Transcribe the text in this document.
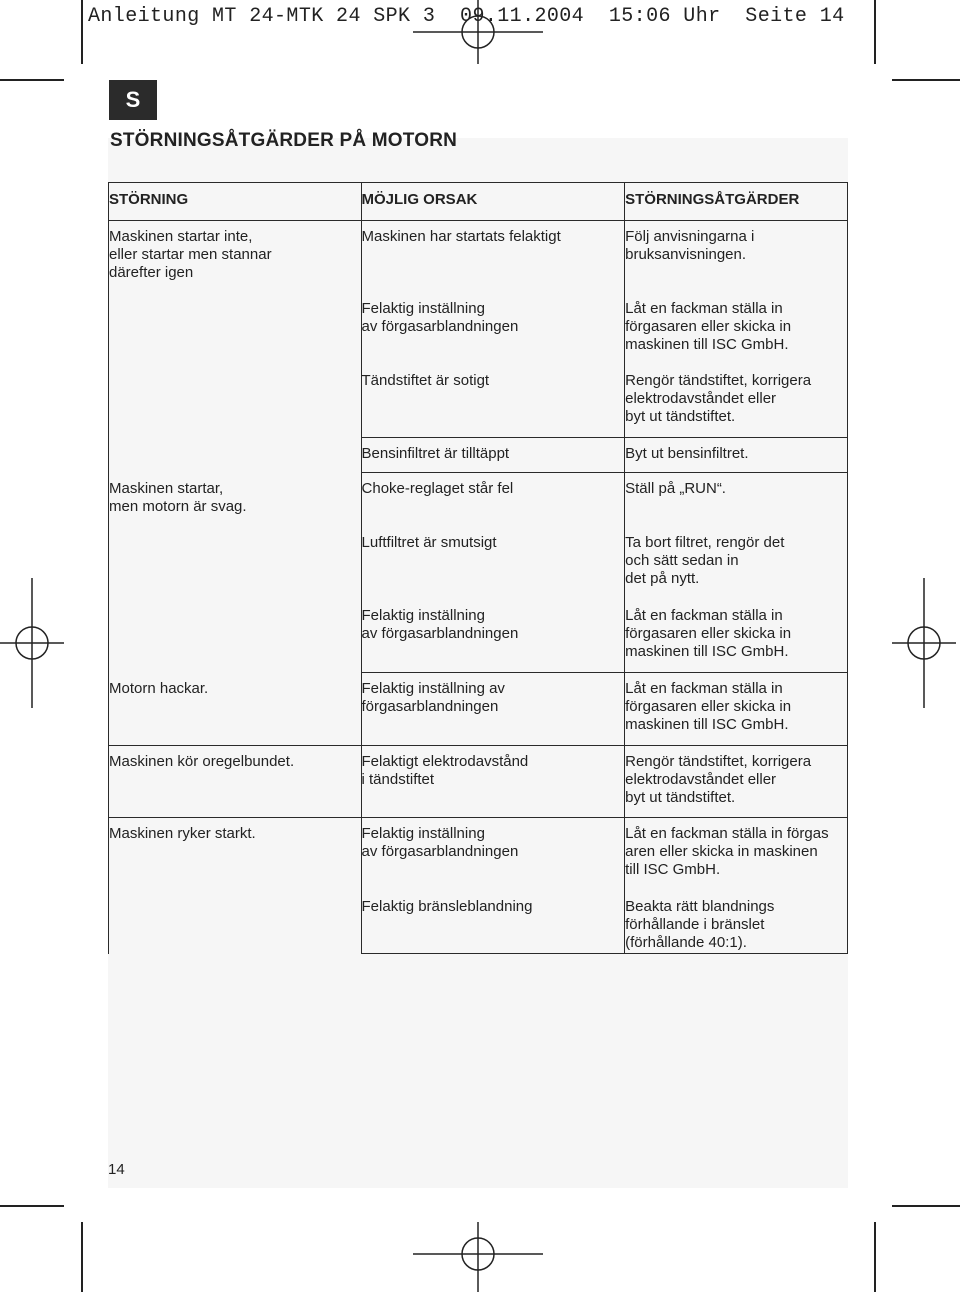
Anleitung MT 24-MTK 24 SPK 3  09.11.2004  15:06 Uhr  Seite 14
S
STÖRNINGSÅTGÄRDER PÅ MOTORN
STÖRNING	MÖJLIG ORSAK	STÖRNINGSÅTGÄRDER

Maskinen startar inte,
eller startar men stannar
därefter igen	Maskinen har startats felaktigt	Följ anvisningarna i
bruksanvisningen.

	Felaktig inställning
av förgasarblandningen	Låt en fackman ställa in
förgasaren eller skicka in
maskinen till ISC GmbH.

	Tändstiftet är sotigt	Rengör tändstiftet, korrigera
elektrodavståndet eller
byt ut tändstiftet.

	Bensinfiltret är tilltäppt	Byt ut bensinfiltret.

Maskinen startar,
men motorn är svag.	Choke-reglaget står fel	Ställ på „RUN“.

	Luftfiltret är smutsigt	Ta bort filtret, rengör det
och sätt sedan in
det på nytt.

	Felaktig inställning
av förgasarblandningen	Låt en fackman ställa in
förgasaren eller skicka in
maskinen till ISC GmbH.

Motorn hackar.	Felaktig inställning av
förgasarblandningen	Låt en fackman ställa in
förgasaren eller skicka in
maskinen till ISC GmbH.

Maskinen kör oregelbundet.	Felaktigt elektrodavstånd
i tändstiftet	Rengör tändstiftet, korrigera
elektrodavståndet eller
byt ut tändstiftet.

Maskinen ryker starkt.	Felaktig inställning
av förgasarblandningen	Låt en fackman ställa in förgas
aren eller skicka in maskinen
till ISC GmbH.

	Felaktig bränsleblandning	Beakta rätt blandnings
förhållande i bränslet
(förhållande 40:1).
14
